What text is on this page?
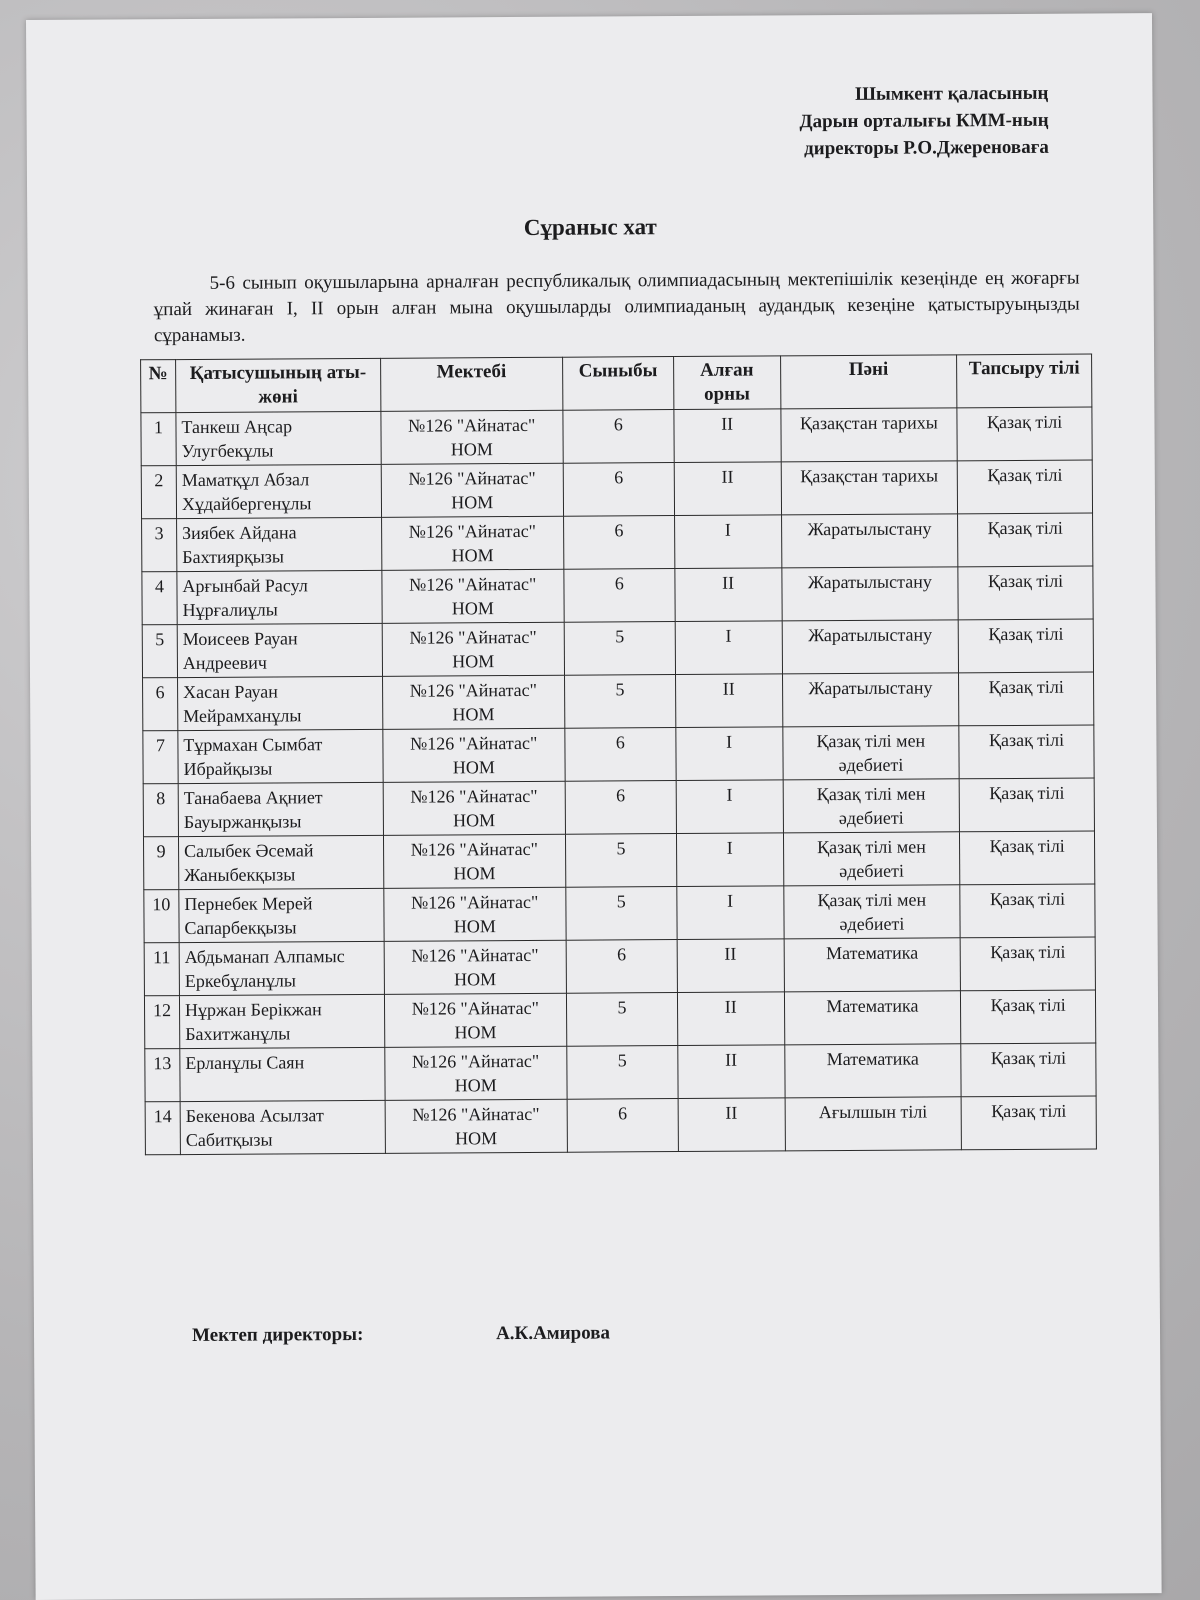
Шымкент қаласының
Дарын орталығы КММ-ның
директоры Р.О.Джереноваға
Сұраныс хат

5-6 сынып оқушыларына арналған республикалық олимпиадасының мектепішілік кезеңінде ең жоғарғы ұпай жинаған І, ІІ орын алған мына оқушыларды олимпиаданың аудандық кезеңіне қатыстыруыңызды сұранамыз.

№	Қатысушының аты-жөні	Мектебі	Сыныбы	Алған орны	Пәні	Тапсыру тілі
1	Танкеш Аңсар Улугбекұлы	№126 "Айнатас" НОМ	6	ІІ	Қазақстан тарихы	Қазақ тілі
2	Маматқұл Абзал Хұдайбергенұлы	№126 "Айнатас" НОМ	6	ІІ	Қазақстан тарихы	Қазақ тілі
3	Зиябек Айдана Бахтиярқызы	№126 "Айнатас" НОМ	6	І	Жаратылыстану	Қазақ тілі
4	Арғынбай Расул Нұрғалиұлы	№126 "Айнатас" НОМ	6	ІІ	Жаратылыстану	Қазақ тілі
5	Моисеев Рауан Андреевич	№126 "Айнатас" НОМ	5	І	Жаратылыстану	Қазақ тілі
6	Хасан Рауан Мейрамханұлы	№126 "Айнатас" НОМ	5	ІІ	Жаратылыстану	Қазақ тілі
7	Тұрмахан Сымбат Ибрайқызы	№126 "Айнатас" НОМ	6	І	Қазақ тілі мен әдебиеті	Қазақ тілі
8	Танабаева Ақниет Бауыржанқызы	№126 "Айнатас" НОМ	6	І	Қазақ тілі мен әдебиеті	Қазақ тілі
9	Салыбек Әсемай Жаныбекқызы	№126 "Айнатас" НОМ	5	І	Қазақ тілі мен әдебиеті	Қазақ тілі
10	Пернебек Мерей Сапарбекқызы	№126 "Айнатас" НОМ	5	І	Қазақ тілі мен әдебиеті	Қазақ тілі
11	Абдьманап Алпамыс Еркебұланұлы	№126 "Айнатас" НОМ	6	ІІ	Математика	Қазақ тілі
12	Нұржан Берікжан Бахитжанұлы	№126 "Айнатас" НОМ	5	ІІ	Математика	Қазақ тілі
13	Ерланұлы Саян	№126 "Айнатас" НОМ	5	ІІ	Математика	Қазақ тілі
14	Бекенова Асылзат Сабитқызы	№126 "Айнатас" НОМ	6	ІІ	Ағылшын тілі	Қазақ тілі
Мектеп директоры:	А.К.Амирова
